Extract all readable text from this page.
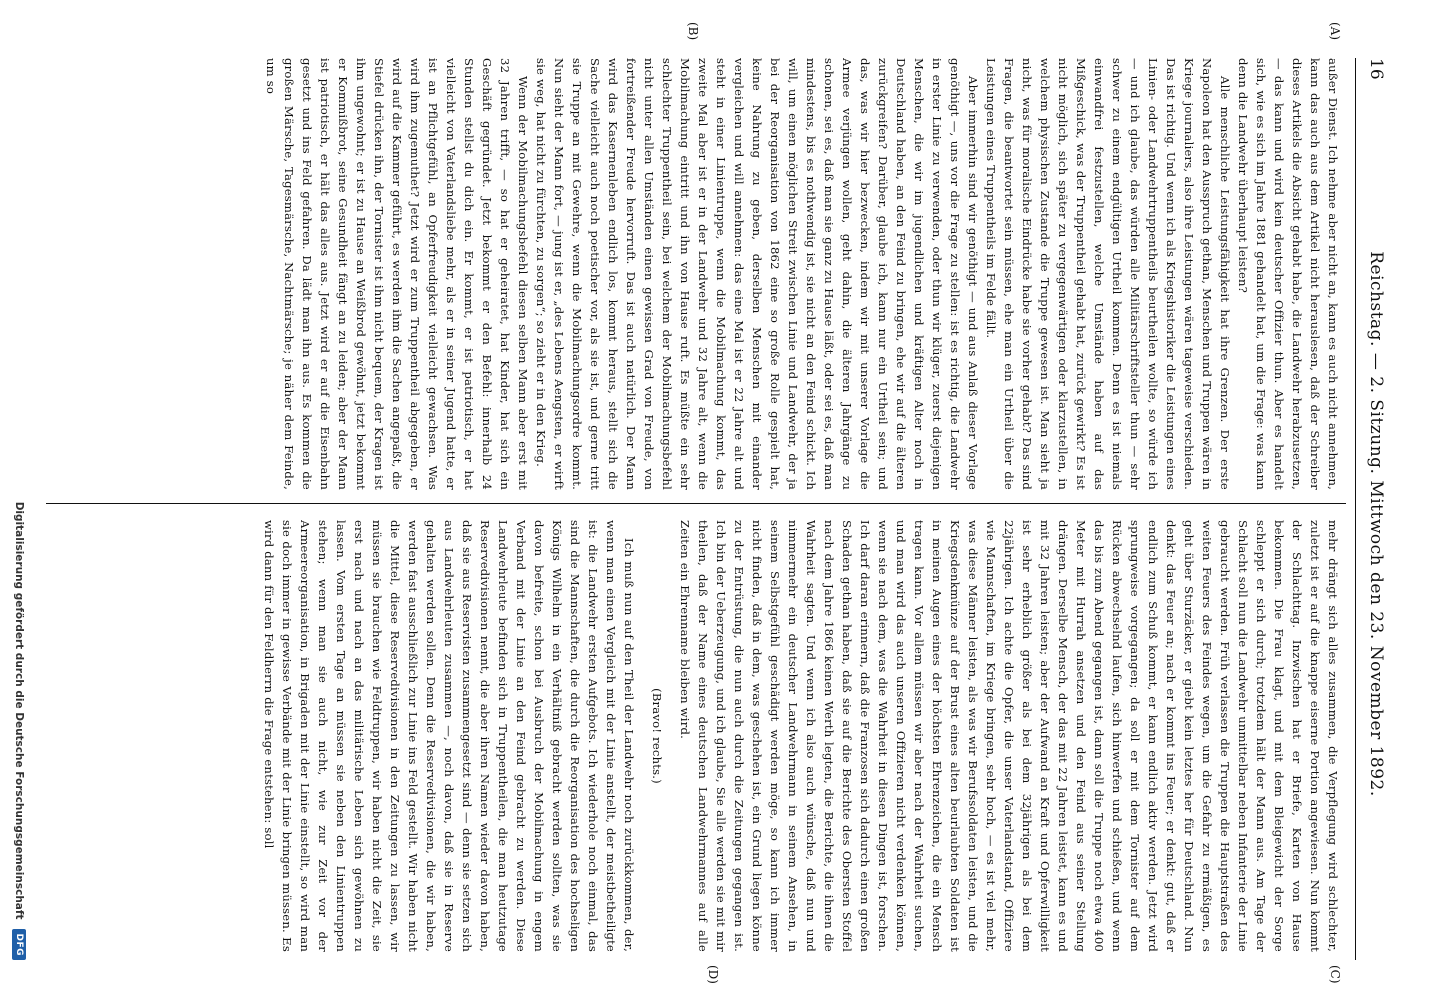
16
Reichstag. — 2. Sitzung. Mittwoch den 23. November 1892.
(A)
(B)
(C)
(D)

außer Dienst. Ich nehme aber nicht an, kann es auch nicht annehmen, kann das auch aus dem Artikel nicht herauslesen, daß der Schreiber dieses Artikels die Absicht gehabt habe, die Landwehr herabzusetzen, — das kann und wird kein deutscher Offizier thun. Aber es handelt sich, wie es sich im Jahre 1881 gehandelt hat, um die Frage: was kann denn die Landwehr überhaupt leisten?

Alle menschliche Leistungsfähigkeit hat ihre Grenzen. Der erste Napoleon hat den Ausspruch gethan, Menschen und Truppen wären in Kriege journaliers, also ihre Leistungen wären tageweise verschieden. Das ist richtig. Und wenn ich als Kriegshistoriker die Leistungen eines Linien- oder Landwehrtruppentheils beurtheilen wollte, so würde ich — und ich glaube, das würden alle Militärschriftsteller thun — sehr schwer zu einem endgültigen Urtheil kommen. Denn es ist niemals einwandfrei festzustellen, welche Umstände haben auf das Mißgeschick, was der Truppentheil gehabt hat, zurück gewirkt? Es ist nicht möglich, sich später zu vergegenwärtigen oder klarzustellen, in welchem physischen Zustande die Truppe gewesen ist. Man sieht ja nicht, was für moralische Eindrücke habe sie vorher gehabt? Das sind Fragen, die beantwortet sein müssen, ehe man ein Urtheil über die Leistungen eines Truppentheils im Felde fällt.

Aber immerhin sind wir genöthigt — und aus Anlaß dieser Vorlage genöthigt —, uns vor die Frage zu stellen: ist es richtig, die Landwehr in erster Linie zu verwenden, oder thun wir klüger, zuerst diejenigen Menschen, die wir im jugendlichen und kräftigen Alter noch in Deutschland haben, an den Feind zu bringen, ehe wir auf die älteren zurückgreifen? Darüber, glaube ich, kann nur ein Urtheil sein; und das, was wir hier bezwecken, indem wir mit unserer Vorlage die Armee verjüngen wollen, geht dahin, die älteren Jahrgänge zu schonen, sei es, daß man sie ganz zu Hause läßt, oder sei es, daß man mindestens, bis es nothwendig ist, sie nicht an den Feind schickt. Ich will, um einen möglichen Streit zwischen Linie und Landwehr, der ja bei der Reorganisation von 1862 eine so große Rolle gespielt hat, keine Nahrung zu geben, derselben Menschen mit einander vergleichen und will annehmen: das eine Mal ist er 22 Jahre alt und steht in einer Linientruppe, wenn die Mobilmachung kommt, das zweite Mal aber ist er in der Landwehr und 32 Jahre alt, wenn die Mobilmachung eintritt und ihn von Hause ruft. Es müßte ein sehr schlechter Truppentheil sein, bei welchem der Mobilmachungsbefehl nicht unter allen Umständen einen gewissen Grad von Freude, von fortreißender Freude hervorruft. Das ist auch natürlich. Der Mann wird das Kasernenleben endlich los, kommt heraus, stellt sich die Sache vielleicht auch noch poetischer vor, als sie ist, und gerne tritt sie Truppe an mit Gewehre, wenn die Mobilmachungsordre kommt. Nun sieht der Mann fort, — jung ist er, „des Lebens Aengsten, er wirft sie weg, hat nicht zu fürchten, zu sorgen“; so zieht er in den Krieg.

Wenn der Mobilmachungsbefehl diesen selben Mann aber erst mit 32 Jahren trifft, — so hat er geheiratet, hat Kinder, hat sich ein Geschäft gegründet. Jetzt bekommt er den Befehl: innerhalb 24 Stunden stellst du dich ein. Er kommt, er ist patriotisch, er hat vielleicht von Vaterlandsliebe mehr, als er in seiner Jugend hatte, er ist an Pflichtgefühl, an Opferfreudigkeit vielleicht gewachsen. Was wird ihm zugemuthet? Jetzt wird er zum Truppentheil abgegeben, er wird auf die Kammer geführt, es werden ihm die Sachen angepaßt, die Stiefel drücken ihn, der Tornister ist ihm nicht bequem, der Kragen ist ihm ungewohnt; er ist zu Hause an Weißbrod gewöhnt, jetzt bekommt er Kommißbrot, seine Gesundheit fängt an zu leiden; aber der Mann ist patriotisch, er hält das alles aus. Jetzt wird er auf die Eisenbahn gesetzt und ins Feld gefahren. Da lädt man ihn aus. Es kommen die großen Märsche, Tagesmärsche, Nachtmärsche; je näher dem Feinde, um so

mehr drängt sich alles zusammen, die Verpflegung wird schlechter, zuletzt ist er auf die knappe eiserne Portion angewiesen. Nun kommt der Schlachttag. Inzwischen hat er Briefe, Karten von Hause bekommen. Die Frau klagt, und mit dem Bleigewicht der Sorge schleppt er sich durch; trotzdem hält der Mann aus. Am Tage der Schlacht soll nun die Landwehr unmittelbar neben Infanterie der Linie gebraucht werden. Früh verlassen die Truppen die Hauptstraßen des weiten Feuers des Feindes wegen, um die Gefahr zu ermäßigen, es geht über Sturzäcker, er giebt kein letztes her für Deutschland. Nun denkt: das Feuer an; nach er kommt ins Feuer; er denkt: gut, daß er endlich zum Schuß kommt, er kann endlich aktiv werden. Jetzt wird sprungweise vorgegangen; da soll er mit dem Tornister auf dem Rücken abwechselnd laufen, sich hinwerfen und schießen, und wenn das bis zum Abend gegangen ist, dann soll die Truppe noch etwa 400 Meter mit Hurrah ansetzen und den Feind aus seiner Stellung drängen. Derselbe Mensch, der das mit 22 Jahren leistet, kann es und mit 32 Jahren leisten; aber der Aufwand an Kraft und Opferwilligkeit ist sehr erheblich größer als bei dem 32jährigen als bei dem 22jährigen. Ich achte die Opfer, die unser Vaterlandstand, Offiziere wie Mannschaften, im Kriege bringen, sehr hoch, — es ist viel mehr, was diese Männer leisten, als was wir Berufssoldaten leisten, und die Kriegsdenkmünze auf der Brust eines alten beurlaubten Soldaten ist in meinen Augen eines der höchsten Ehrenzeichen, die ein Mensch tragen kann. Vor allem müssen wir aber nach der Wahrheit suchen, und man wird das auch unseren Offizieren nicht verdenken können, wenn sie nach dem, was die Wahrheit in diesen Dingen ist, forschen. Ich darf daran erinnern, daß die Franzosen sich dadurch einen großen Schaden gethan haben, daß sie auf die Berichte des Obersten Stoffel nach dem Jahre 1866 keinen Werth legten, die Berichte, die ihnen die Wahrheit sagten. Und wenn ich also auch wünsche, daß nun und nimmermehr ein deutscher Landwehrmann in seinem Ansehen, in seinem Selbstgefühl geschädigt werden möge, so kann ich immer nicht finden, daß in dem, was geschehen ist, ein Grund liegen könne zu der Entrüstung, die nun auch durch die Zeitungen gegangen ist. Ich bin der Ueberzeugung, und ich glaube, Sie alle werden sie mit mir theilen, daß der Name eines deutschen Landwehrmannes auf alle Zeiten ein Ehrenname bleiben wird.

(Bravo! rechts.)

Ich muß nun auf den Theil der Landwehr noch zurückkommen, der, wenn man einen Vergleich mit der Linie anstellt, der meistbetheiligte ist: die Landwehr ersten Aufgebots. Ich wiederhole noch einmal, das sind die Mannschaften, die durch die Reorganisation des hochseligen Königs Wilhelm in ein Verhältniß gebracht werden sollten, was sie davon befreite, schon bei Ausbruch der Mobilmachung in engem Verband mit der Linie an den Feind gebracht zu werden. Diese Landwehrleute befinden sich in Truppentheilen, die man heutzutage Reservedivisionen nennt, die aber ihren Namen wieder davon haben, daß sie aus Reservisten zusammengesetzt sind — denn sie setzen sich aus Landwehrleuten zusammen —, noch davon, daß sie in Reserve gehalten werden sollen. Denn die Reservedivisionen, die wir haben, werden fast ausschließlich zur Linie ins Feld gestellt. Wir haben nicht die Mittel, diese Reservedivisionen in den Zeitungen zu lassen, wir müssen sie brauchen wie Feldtruppen, wir haben nicht die Zeit, sie erst nach und nach an das militärische Leben sich gewöhnen zu lassen. Vom ersten Tage an müssen sie neben den Linientruppen stehen; wenn man sie auch nicht, wie zur Zeit vor der Armeereorganisation, in Brigaden mit der Linie einstellt, so wird man sie doch immer in gewisse Verbände mit der Linie bringen müssen. Es wird dann für den Feldherrn die Frage entstehen: soll

Digitalisierung gefördert durch die Deutsche Forschungsgemeinschaft
DFG
